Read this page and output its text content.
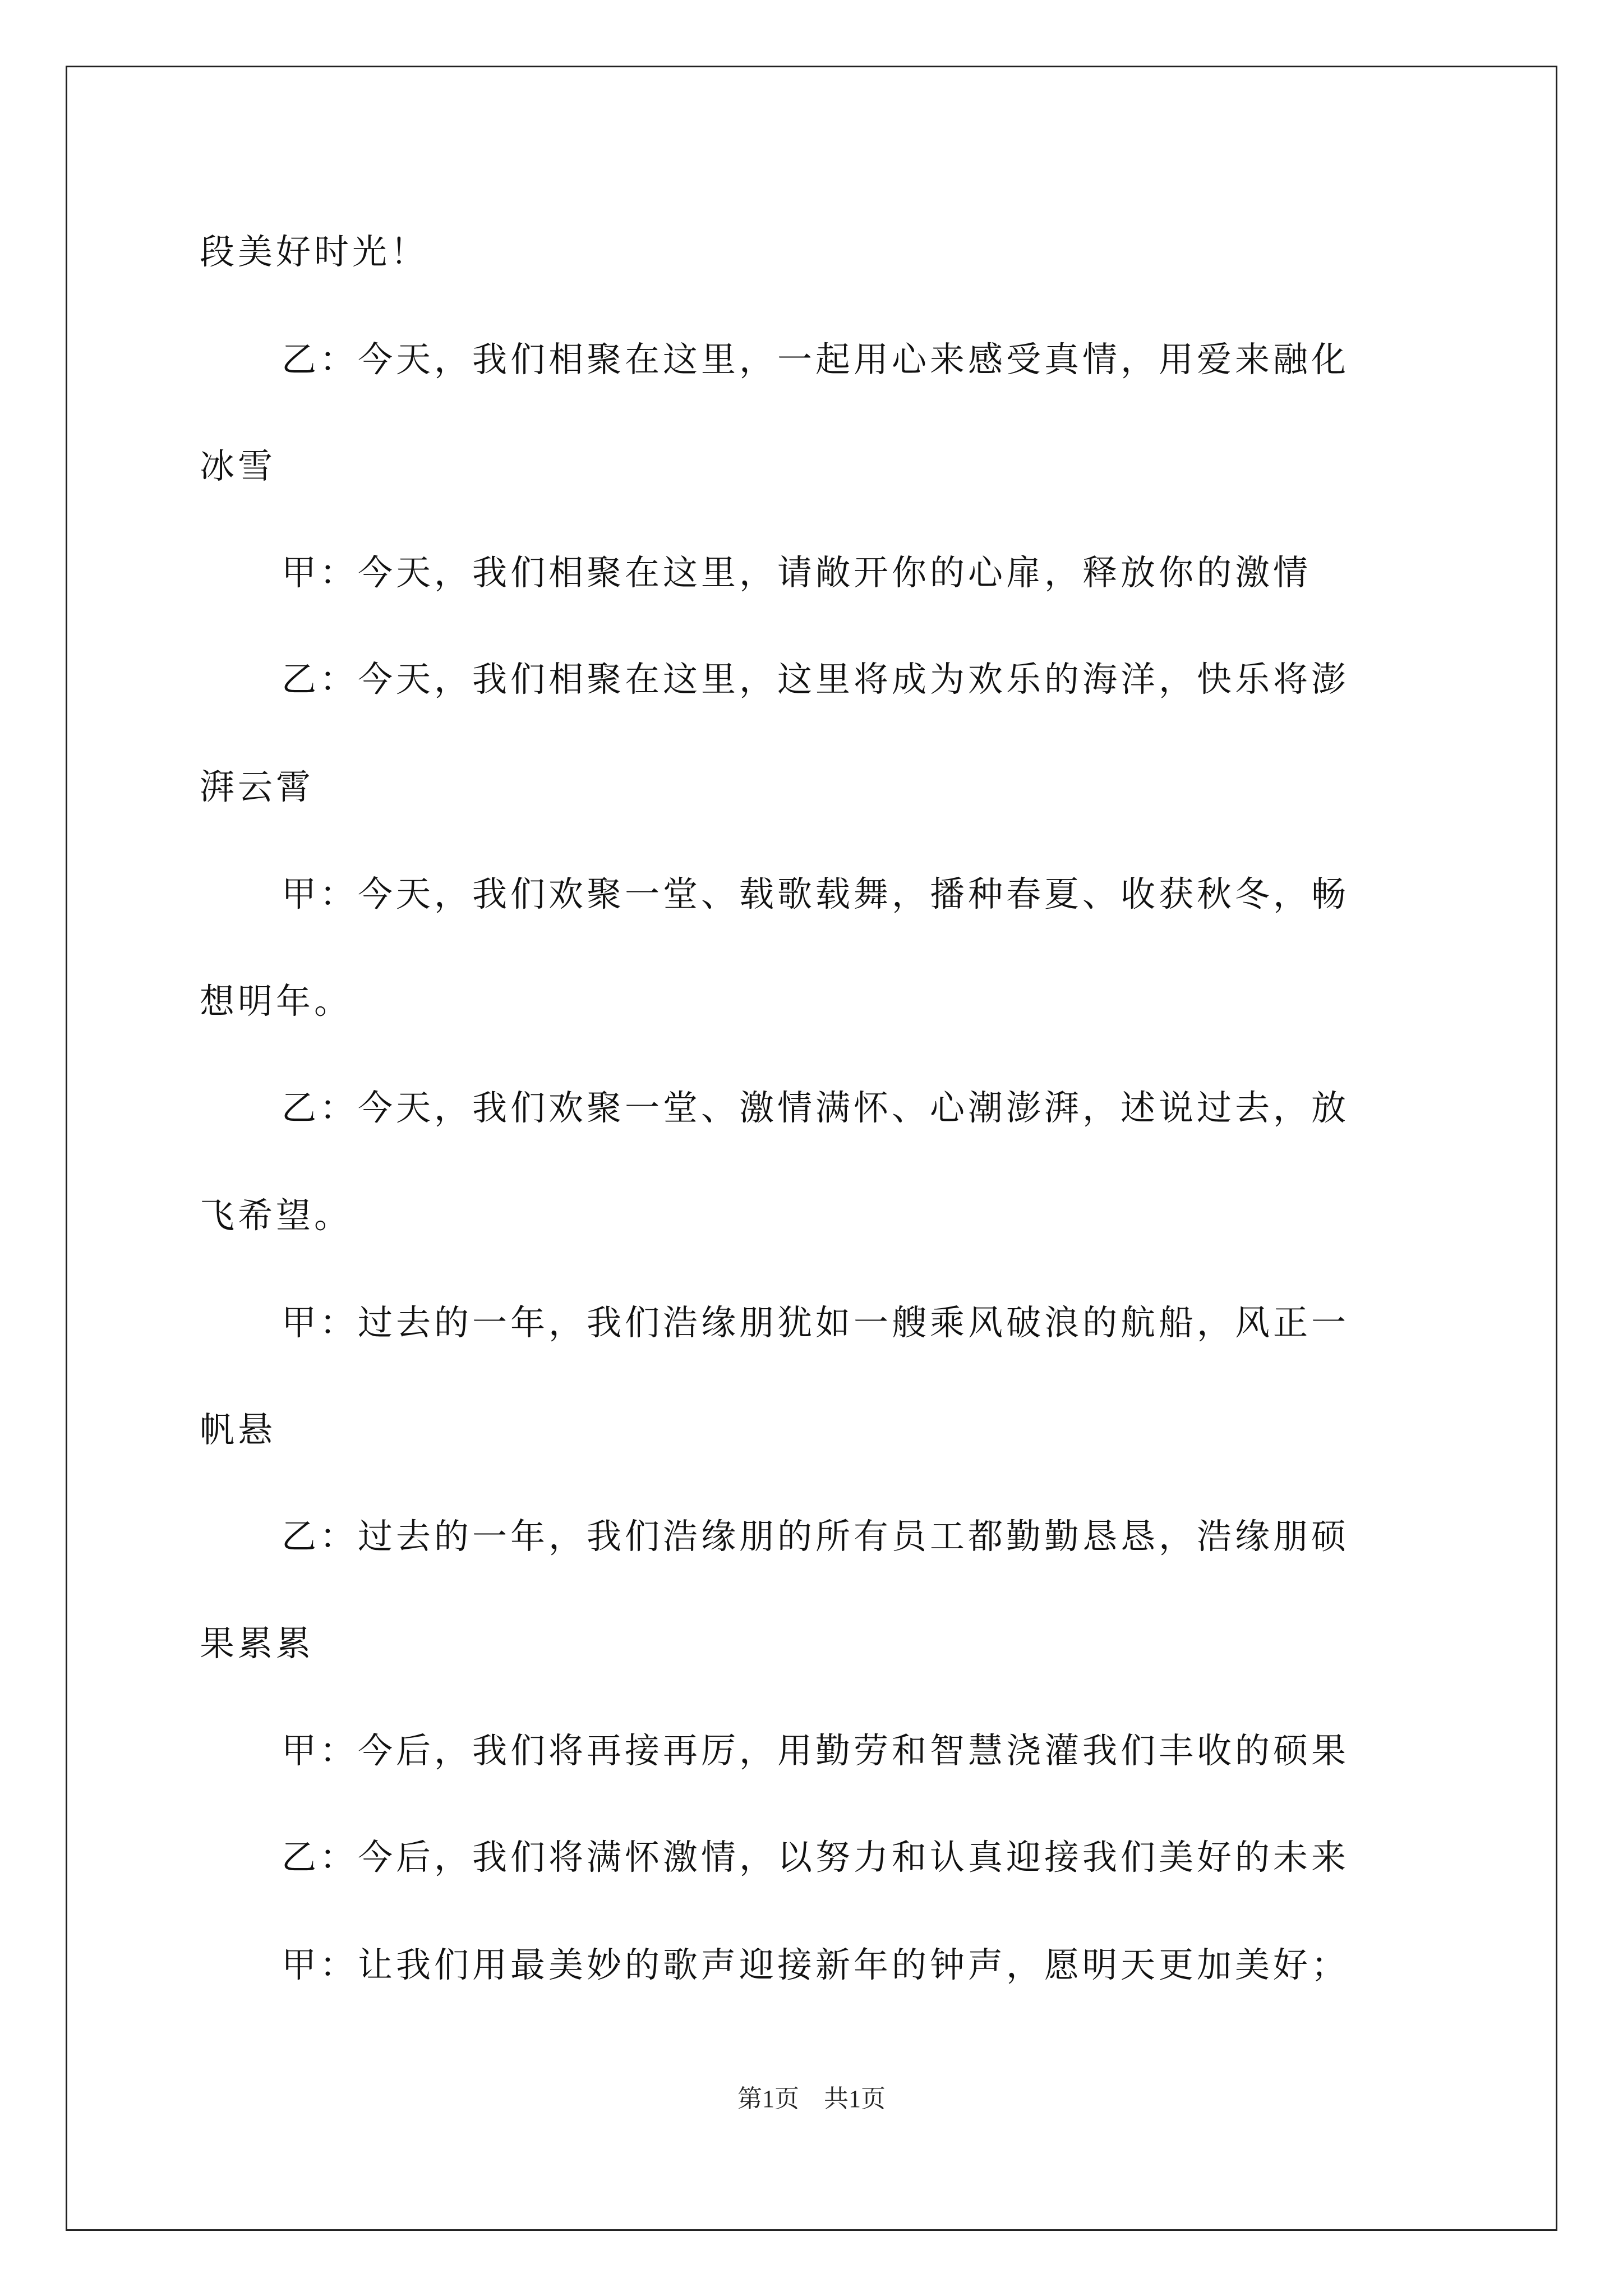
段美好时光！
乙：今天，我们相聚在这里，一起用心来感受真情，用爱来融化
冰雪
甲：今天，我们相聚在这里，请敞开你的心扉，释放你的激情
乙：今天，我们相聚在这里，这里将成为欢乐的海洋，快乐将澎
湃云霄
甲：今天，我们欢聚一堂、载歌载舞，播种春夏、收获秋冬，畅
想明年。
乙：今天，我们欢聚一堂、激情满怀、心潮澎湃，述说过去，放
飞希望。
甲：过去的一年，我们浩缘朋犹如一艘乘风破浪的航船，风正一
帆悬
乙：过去的一年，我们浩缘朋的所有员工都勤勤恳恳，浩缘朋硕
果累累
甲：今后，我们将再接再厉，用勤劳和智慧浇灌我们丰收的硕果
乙：今后，我们将满怀激情，以努力和认真迎接我们美好的未来
甲：让我们用最美妙的歌声迎接新年的钟声，愿明天更加美好；
第1页　共1页
